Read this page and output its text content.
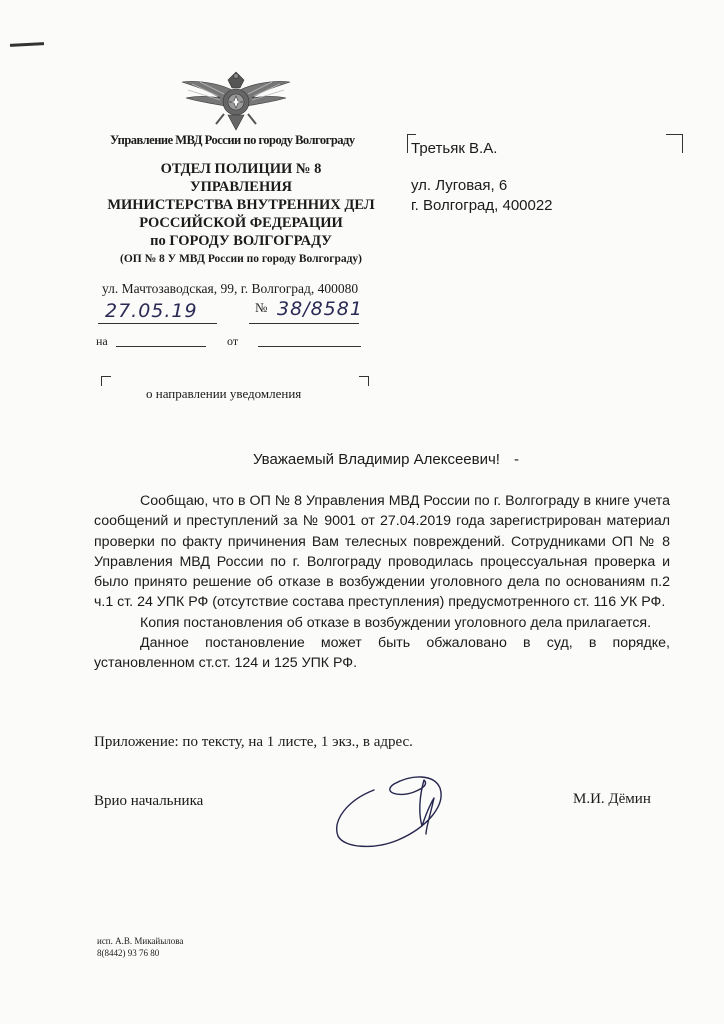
Управление МВД России по городу Волгограду
ОТДЕЛ ПОЛИЦИИ № 8
УПРАВЛЕНИЯ
МИНИСТЕРСТВА ВНУТРЕННИХ ДЕЛ
РОССИЙСКОЙ ФЕДЕРАЦИИ
по ГОРОДУ ВОЛГОГРАДУ
(ОП № 8 У МВД России по городу Волгограду)
ул. Мачтозаводская, 99, г. Волгоград, 400080
27.05.19	№ 38/8581
на	от
о направлении уведомления
Третьяк В.А.
ул. Луговая, 6
г. Волгоград, 400022
Уважаемый Владимир Алексеевич! -

Сообщаю, что в ОП № 8 Управления МВД России по г. Волгограду в книге учета сообщений и преступлений за № 9001 от 27.04.2019 года зарегистрирован материал проверки по факту причинения Вам телесных повреждений. Сотрудниками ОП № 8 Управления МВД России по г. Волгограду проводилась процессуальная проверка и было принято решение об отказе в возбуждении уголовного дела по основаниям п.2 ч.1 ст. 24 УПК РФ (отсутствие состава преступления) предусмотренного ст. 116 УК РФ.

Копия постановления об отказе в возбуждении уголовного дела прилагается.

Данное постановление может быть обжаловано в суд, в порядке, установленном ст.ст. 124 и 125 УПК РФ.

Приложение: по тексту, на 1 листе, 1 экз., в адрес.
Врио начальника	М.И. Дёмин
исп. А.В. Микайылова
8(8442) 93 76 80
